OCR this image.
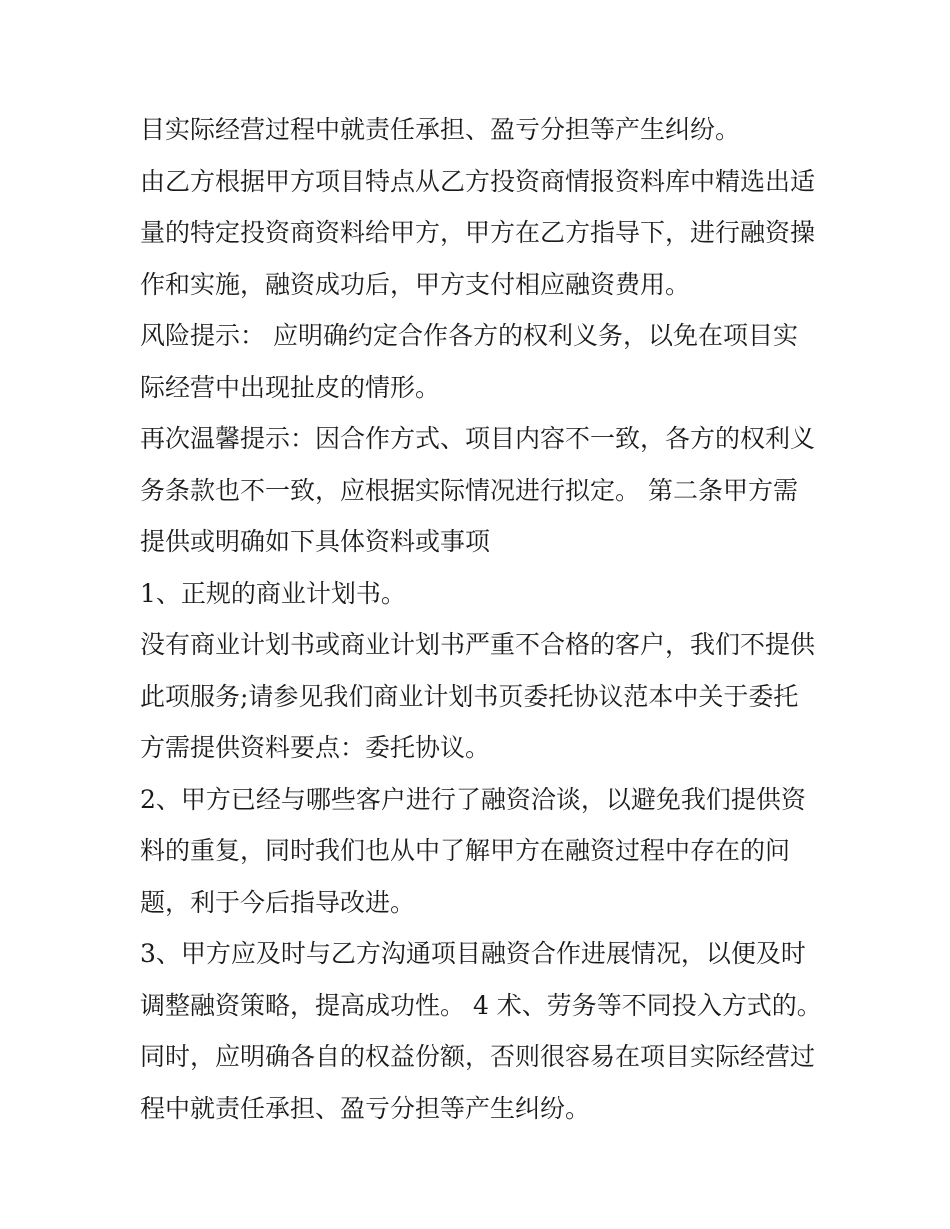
目实际经营过程中就责任承担、盈亏分担等产生纠纷。
由乙方根据甲方项目特点从乙方投资商情报资料库中精选出适
量的特定投资商资料给甲方，甲方在乙方指导下，进行融资操
作和实施，融资成功后，甲方支付相应融资费用。
风险提示： 应明确约定合作各方的权利义务，以免在项目实
际经营中出现扯皮的情形。
再次温馨提示：因合作方式、项目内容不一致，各方的权利义
务条款也不一致，应根据实际情况进行拟定。 第二条甲方需
提供或明确如下具体资料或事项
1、正规的商业计划书。
没有商业计划书或商业计划书严重不合格的客户，我们不提供
此项服务;请参见我们商业计划书页委托协议范本中关于委托
方需提供资料要点：委托协议。
2、甲方已经与哪些客户进行了融资洽谈，以避免我们提供资
料的重复，同时我们也从中了解甲方在融资过程中存在的问
题，利于今后指导改进。
3、甲方应及时与乙方沟通项目融资合作进展情况，以便及时
调整融资策略，提高成功性。 4 术、劳务等不同投入方式的。
同时，应明确各自的权益份额，否则很容易在项目实际经营过
程中就责任承担、盈亏分担等产生纠纷。
